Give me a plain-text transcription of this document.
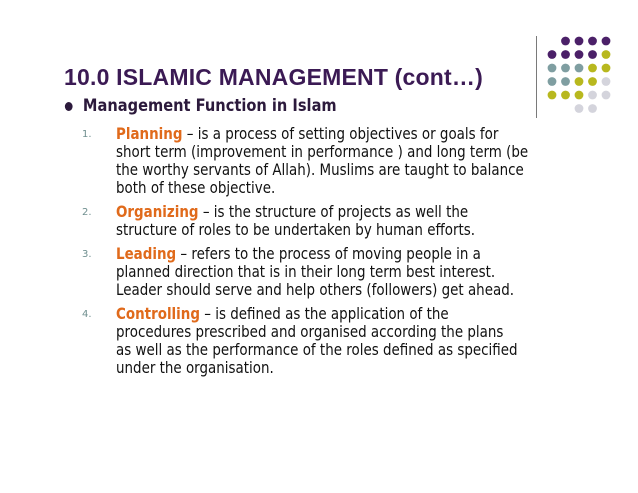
10.0 ISLAMIC MANAGEMENT (cont…)
Management Function in Islam
1. Planning – is a process of setting objectives or goals for
short term (improvement in performance ) and long term (be
the worthy servants of Allah). Muslims are taught to balance
both of these objective.
2. Organizing – is the structure of projects as well the
structure of roles to be undertaken by human efforts.
3. Leading – refers to the process of moving people in a
planned direction that is in their long term best interest.
Leader should serve and help others (followers) get ahead.
4. Controlling – is defined as the application of the
procedures prescribed and organised according the plans
as well as the performance of the roles defined as specified
under the organisation.
